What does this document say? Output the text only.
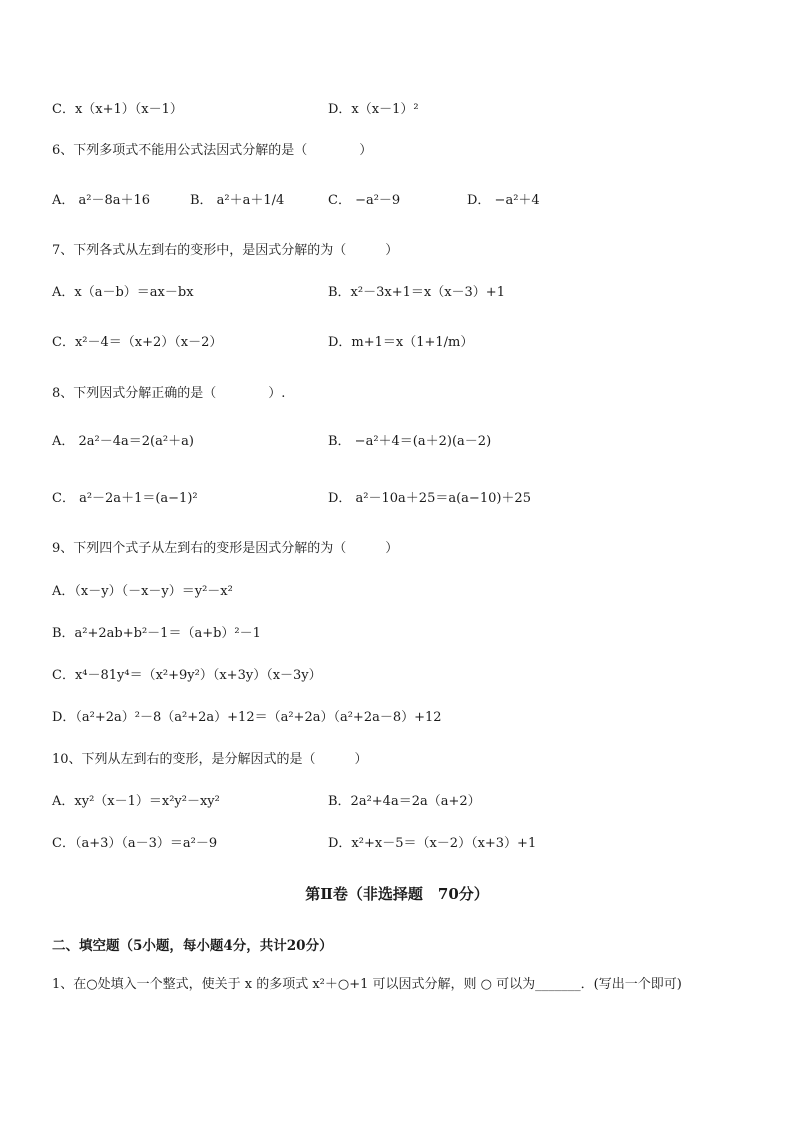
C．x（x+1）（x－1）	D．x（x－1）²
6、下列多项式不能用公式法因式分解的是（　　　　）
A． a²－8a＋16	B． a²＋a＋1/4	C． −a²－9	D． −a²＋4
7、下列各式从左到右的变形中，是因式分解的为（　　　）
A．x（a－b）＝ax－bx	B．x²－3x+1＝x（x－3）+1
C．x²－4＝（x+2）（x－2）	D．m+1＝x（1+1/m）
8、下列因式分解正确的是（　　　　）.
A． 2a²－4a＝2(a²＋a)	B． −a²＋4＝(a＋2)(a－2)
C． a²－2a＋1＝(a−1)²	D． a²－10a＋25＝a(a−10)＋25
9、下列四个式子从左到右的变形是因式分解的为（　　　）
A．（x－y）（－x－y）＝y²－x²
B．a²+2ab+b²－1＝（a+b）²－1
C．x⁴－81y⁴＝（x²+9y²）（x+3y）（x－3y）
D．（a²+2a）²－8（a²+2a）+12＝（a²+2a）（a²+2a－8）+12
10、下列从左到右的变形，是分解因式的是（　　　）
A．xy²（x－1）＝x²y²－xy²	B．2a²+4a＝2a（a+2）
C．（a+3）（a－3）＝a²－9	D．x²+x－5＝（x－2）（x+3）+1
第Ⅱ卷（非选择题　70分）
二、填空题（5小题，每小题4分，共计20分）
1、在○处填入一个整式，使关于 x 的多项式 x²＋○+1 可以因式分解，则 ○ 可以为_______．(写出一个即可)
